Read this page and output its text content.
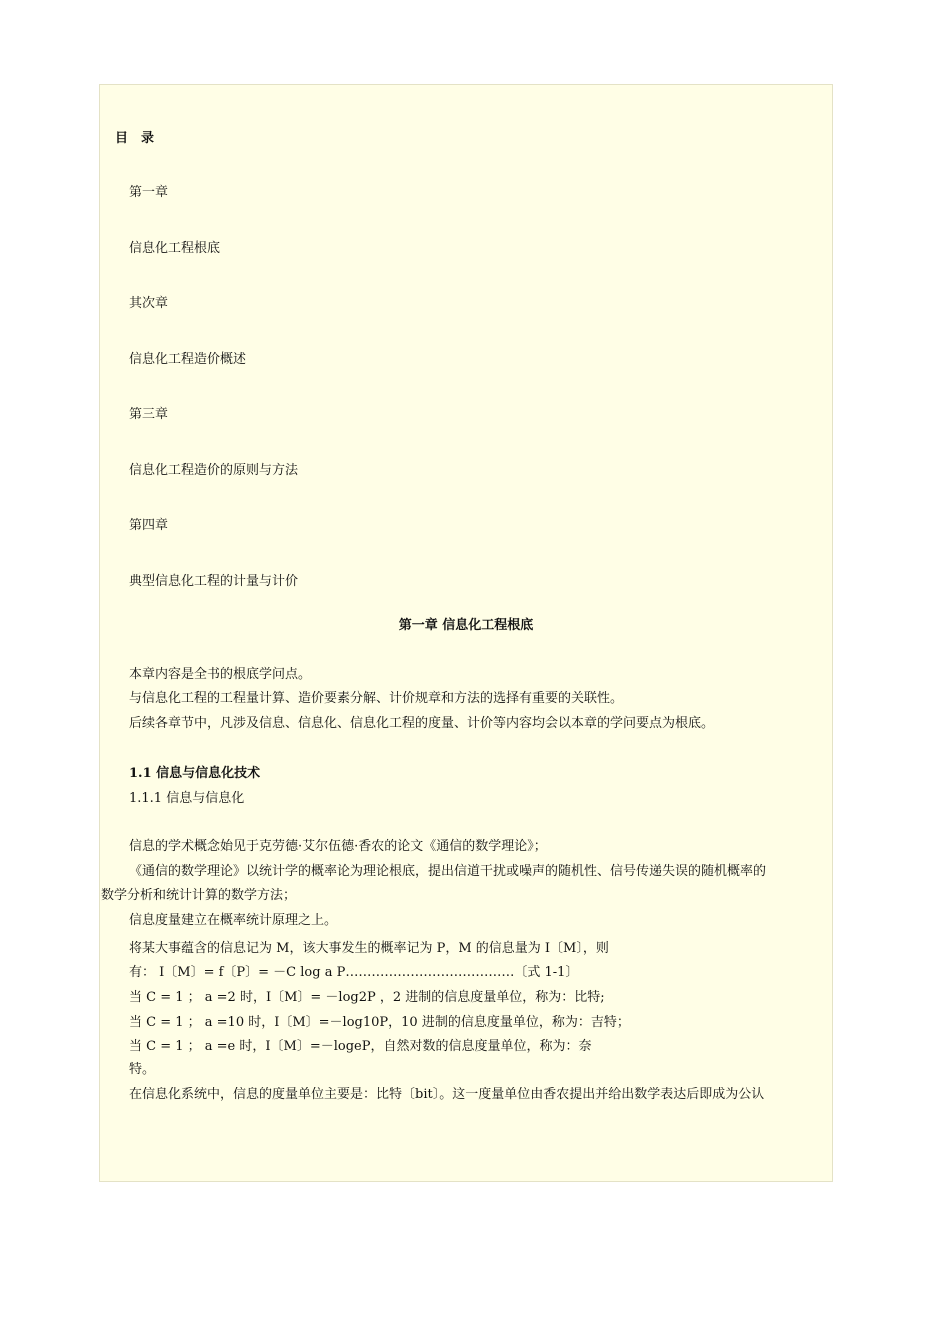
目　录
第一章
信息化工程根底
其次章
信息化工程造价概述
第三章
信息化工程造价的原则与方法
第四章
典型信息化工程的计量与计价
第一章 信息化工程根底
本章内容是全书的根底学问点。
与信息化工程的工程量计算、造价要素分解、计价规章和方法的选择有重要的关联性。
后续各章节中，凡涉及信息、信息化、信息化工程的度量、计价等内容均会以本章的学问要点为根底。
1.1 信息与信息化技术
1.1.1 信息与信息化
信息的学术概念始见于克劳德·艾尔伍德·香农的论文《通信的数学理论》；
《通信的数学理论》以统计学的概率论为理论根底，提出信道干扰或噪声的随机性、信号传递失误的随机概率的
数学分析和统计计算的数学方法；
信息度量建立在概率统计原理之上。
将某大事蕴含的信息记为 M，该大事发生的概率记为 P，M 的信息量为 I〔M〕，则
有： I〔M〕= f〔P〕= －C log a P…………………………………〔式 1-1〕
当 C = 1 ； a =2 时，I〔M〕= －log2P ，2 进制的信息度量单位，称为：比特;
当 C = 1 ； a =10 时，I〔M〕=－log10P，10 进制的信息度量单位，称为：吉特；
当 C = 1 ； a =e 时，I〔M〕=－logeP，自然对数的信息度量单位，称为：奈
特。
在信息化系统中，信息的度量单位主要是：比特〔bit〕。这一度量单位由香农提出并给出数学表达后即成为公认
